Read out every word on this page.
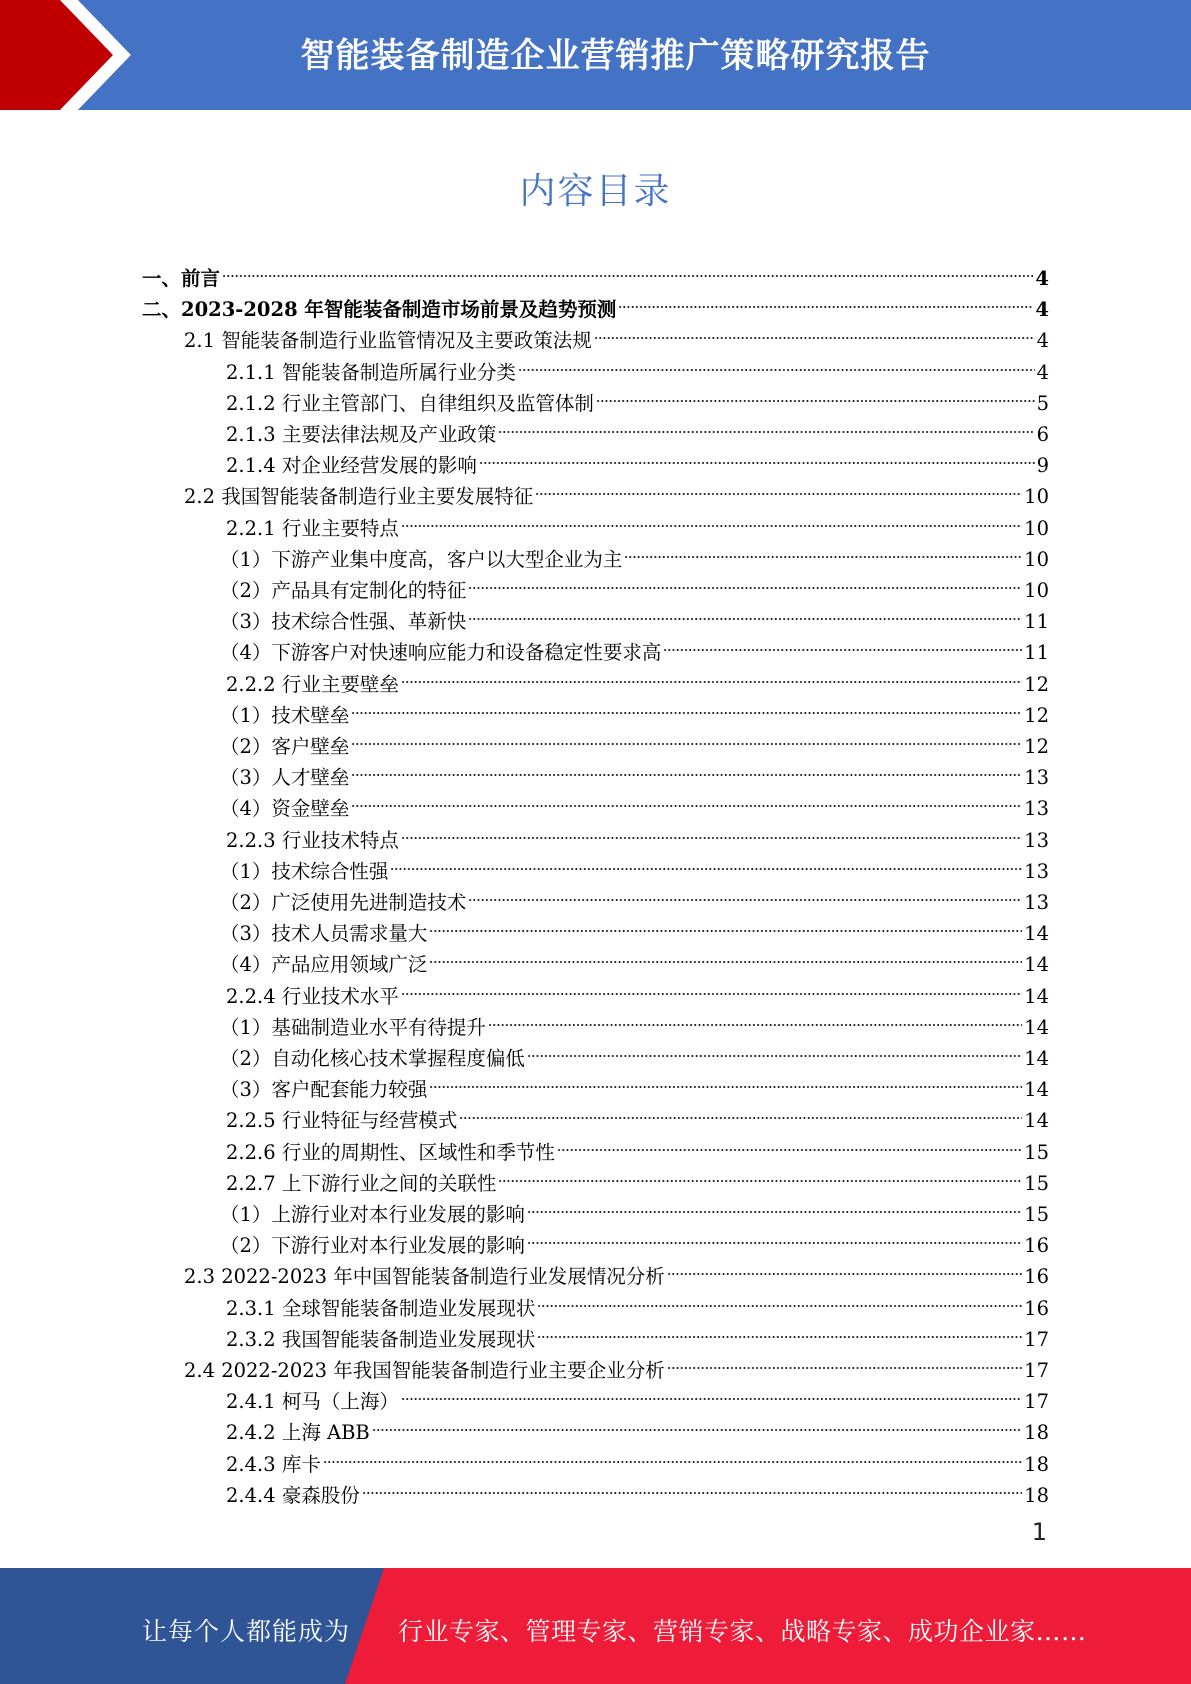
智能装备制造企业营销推广策略研究报告
内容目录
一、前言	4
二、2023-2028 年智能装备制造市场前景及趋势预测	4
2.1 智能装备制造行业监管情况及主要政策法规	4
2.1.1 智能装备制造所属行业分类	4
2.1.2 行业主管部门、自律组织及监管体制	5
2.1.3 主要法律法规及产业政策	6
2.1.4 对企业经营发展的影响	9
2.2 我国智能装备制造行业主要发展特征	10
2.2.1 行业主要特点	10
（1）下游产业集中度高，客户以大型企业为主	10
（2）产品具有定制化的特征	10
（3）技术综合性强、革新快	11
（4）下游客户对快速响应能力和设备稳定性要求高	11
2.2.2 行业主要壁垒	12
（1）技术壁垒	12
（2）客户壁垒	12
（3）人才壁垒	13
（4）资金壁垒	13
2.2.3 行业技术特点	13
（1）技术综合性强	13
（2）广泛使用先进制造技术	13
（3）技术人员需求量大	14
（4）产品应用领域广泛	14
2.2.4 行业技术水平	14
（1）基础制造业水平有待提升	14
（2）自动化核心技术掌握程度偏低	14
（3）客户配套能力较强	14
2.2.5 行业特征与经营模式	14
2.2.6 行业的周期性、区域性和季节性	15
2.2.7 上下游行业之间的关联性	15
（1）上游行业对本行业发展的影响	15
（2）下游行业对本行业发展的影响	16
2.3 2022-2023 年中国智能装备制造行业发展情况分析	16
2.3.1 全球智能装备制造业发展现状	16
2.3.2 我国智能装备制造业发展现状	17
2.4 2022-2023 年我国智能装备制造行业主要企业分析	17
2.4.1 柯马（上海）	17
2.4.2 上海 ABB	18
2.4.3 库卡	18
2.4.4 豪森股份	18
1
让每个人都能成为 行业专家、管理专家、营销专家、战略专家、成功企业家……
